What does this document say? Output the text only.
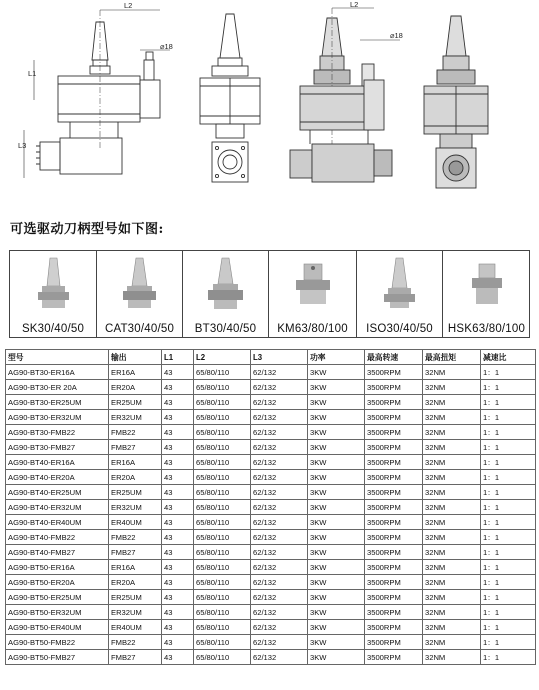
L2
L1
L3
⌀18
L2
⌀18
可选驱动刀柄型号如下图:
SK30/40/50	CAT30/40/50	BT30/40/50	KM63/80/100	ISO30/40/50	HSK63/80/100
型号	输出	L1	L2	L3	功率	最高转速	最高扭矩	减速比
AG90-BT30-ER16A	ER16A	43	65/80/110	62/132	3KW	3500RPM	32NM	1：1
AG90-BT30-ER 20A	ER20A	43	65/80/110	62/132	3KW	3500RPM	32NM	1：1
AG90-BT30-ER25UM	ER25UM	43	65/80/110	62/132	3KW	3500RPM	32NM	1：1
AG90-BT30-ER32UM	ER32UM	43	65/80/110	62/132	3KW	3500RPM	32NM	1：1
AG90-BT30-FMB22	FMB22	43	65/80/110	62/132	3KW	3500RPM	32NM	1：1
AG90-BT30-FMB27	FMB27	43	65/80/110	62/132	3KW	3500RPM	32NM	1：1
AG90-BT40-ER16A	ER16A	43	65/80/110	62/132	3KW	3500RPM	32NM	1：1
AG90-BT40-ER20A	ER20A	43	65/80/110	62/132	3KW	3500RPM	32NM	1：1
AG90-BT40-ER25UM	ER25UM	43	65/80/110	62/132	3KW	3500RPM	32NM	1：1
AG90-BT40-ER32UM	ER32UM	43	65/80/110	62/132	3KW	3500RPM	32NM	1：1
AG90-BT40-ER40UM	ER40UM	43	65/80/110	62/132	3KW	3500RPM	32NM	1：1
AG90-BT40-FMB22	FMB22	43	65/80/110	62/132	3KW	3500RPM	32NM	1：1
AG90-BT40-FMB27	FMB27	43	65/80/110	62/132	3KW	3500RPM	32NM	1：1
AG90-BT50-ER16A	ER16A	43	65/80/110	62/132	3KW	3500RPM	32NM	1：1
AG90-BT50-ER20A	ER20A	43	65/80/110	62/132	3KW	3500RPM	32NM	1：1
AG90-BT50-ER25UM	ER25UM	43	65/80/110	62/132	3KW	3500RPM	32NM	1：1
AG90-BT50-ER32UM	ER32UM	43	65/80/110	62/132	3KW	3500RPM	32NM	1：1
AG90-BT50-ER40UM	ER40UM	43	65/80/110	62/132	3KW	3500RPM	32NM	1：1
AG90-BT50-FMB22	FMB22	43	65/80/110	62/132	3KW	3500RPM	32NM	1：1
AG90-BT50-FMB27	FMB27	43	65/80/110	62/132	3KW	3500RPM	32NM	1：1
